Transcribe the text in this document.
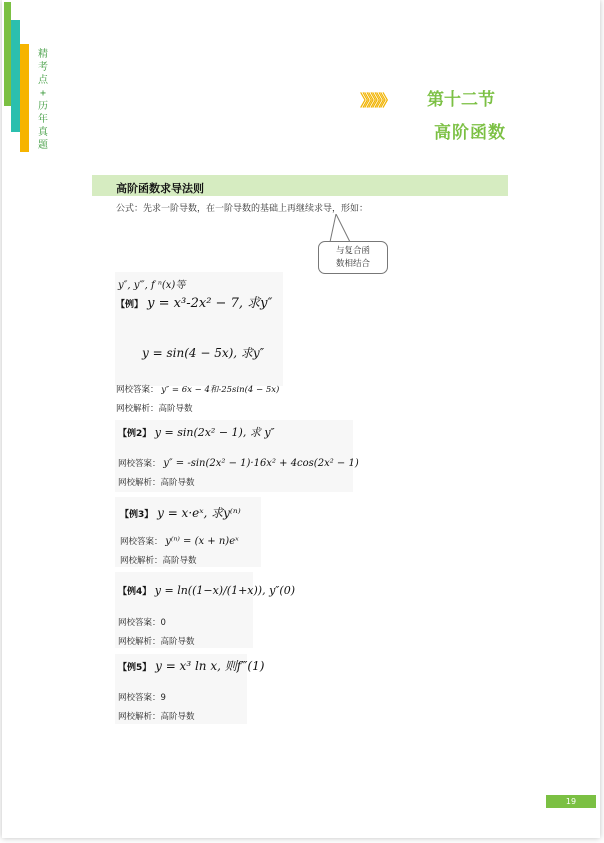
精
考
点
+
历
年
真
题
》》》》》》 第十二节
高阶函数
高阶函数求导法则
公式：先求一阶导数，在一阶导数的基础上再继续求导，形如：
与复合函
数相结合
y″, y‴, f ⁿ(x)等
【例】 y = x³-2x² − 7, 求y″
y = sin(4 − 5x), 求y″
网校答案： y″ = 6x − 4和-25sin(4 − 5x)
网校解析：高阶导数
【例2】 y = sin(2x² − 1), 求 y″
网校答案： y″ = -sin(2x² − 1)·16x² + 4cos(2x² − 1)
网校解析：高阶导数
【例3】 y = x·eˣ, 求y⁽ⁿ⁾
网校答案： y⁽ⁿ⁾ = (x + n)eˣ
网校解析：高阶导数
【例4】 y = ln((1−x)/(1+x)), y″(0)
网校答案：0
网校解析：高阶导数
【例5】 y = x³ ln x, 则f‴(1)
网校答案：9
网校解析：高阶导数
19
